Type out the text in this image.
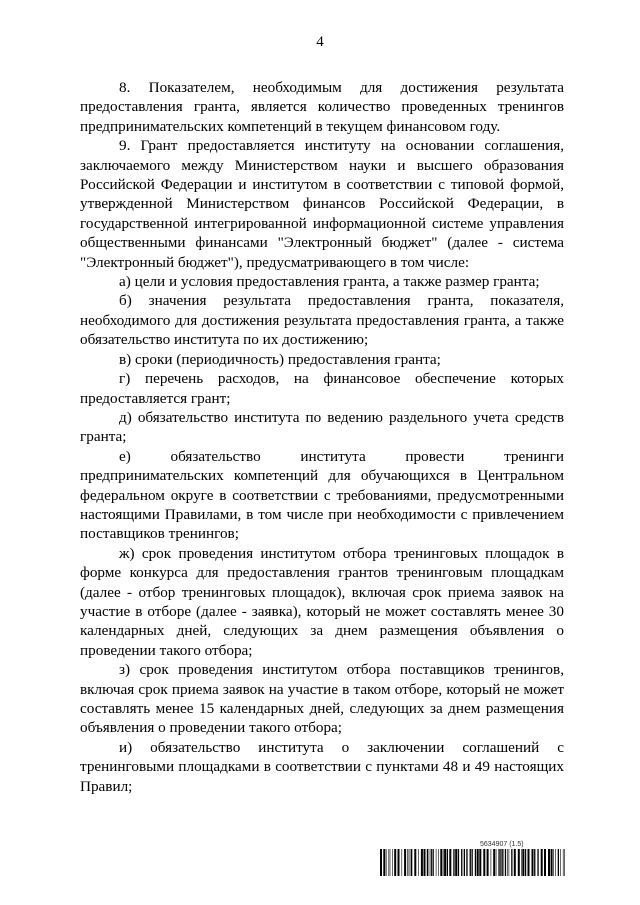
4

8. Показателем, необходимым для достижения результата предоставления гранта, является количество проведенных тренингов предпринимательских компетенций в текущем финансовом году.

9. Грант предоставляется институту на основании соглашения, заключаемого между Министерством науки и высшего образования Российской Федерации и институтом в соответствии с типовой формой, утвержденной Министерством финансов Российской Федерации, в государственной интегрированной информационной системе управления общественными финансами "Электронный бюджет" (далее - система "Электронный бюджет"), предусматривающего в том числе:

а) цели и условия предоставления гранта, а также размер гранта;

б) значения результата предоставления гранта, показателя, необходимого для достижения результата предоставления гранта, а также обязательство института по их достижению;

в) сроки (периодичность) предоставления гранта;

г) перечень расходов, на финансовое обеспечение которых предоставляется грант;

д) обязательство института по ведению раздельного учета средств гранта;

е) обязательство института провести тренинги предпринимательских компетенций для обучающихся в Центральном федеральном округе в соответствии с требованиями, предусмотренными настоящими Правилами, в том числе при необходимости с привлечением поставщиков тренингов;

ж) срок проведения институтом отбора тренинговых площадок в форме конкурса для предоставления грантов тренинговым площадкам (далее - отбор тренинговых площадок), включая срок приема заявок на участие в отборе (далее - заявка), который не может составлять менее 30 календарных дней, следующих за днем размещения объявления о проведении такого отбора;

з) срок проведения институтом отбора поставщиков тренингов, включая срок приема заявок на участие в таком отборе, который не может составлять менее 15 календарных дней, следующих за днем размещения объявления о проведении такого отбора;

и) обязательство института о заключении соглашений с тренинговыми площадками в соответствии с пунктами 48 и 49 настоящих Правил;

5634907 (1.5)
